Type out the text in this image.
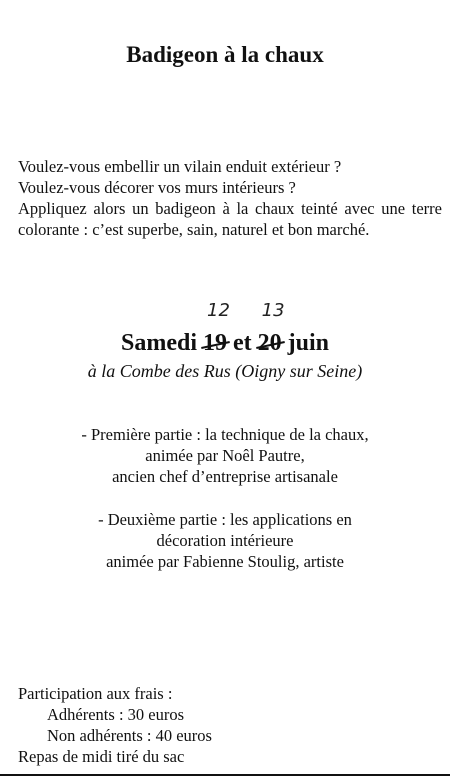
Badigeon à la chaux
Voulez-vous embellir un vilain enduit extérieur ?
Voulez-vous décorer vos murs intérieurs ?
Appliquez alors un badigeon à la chaux teinté avec une terre colorante : c’est superbe, sain, naturel et bon marché.
Samedi
12
19 et
13
20 juin
à la Combe des Rus (Oigny sur Seine)
- Première partie : la technique de la chaux,
animée par Noêl Pautre,
ancien chef d’entreprise artisanale
- Deuxième partie : les applications en
décoration intérieure
animée par Fabienne Stoulig, artiste
Participation aux frais :
Adhérents : 30 euros
Non adhérents : 40 euros
Repas de midi tiré du sac
